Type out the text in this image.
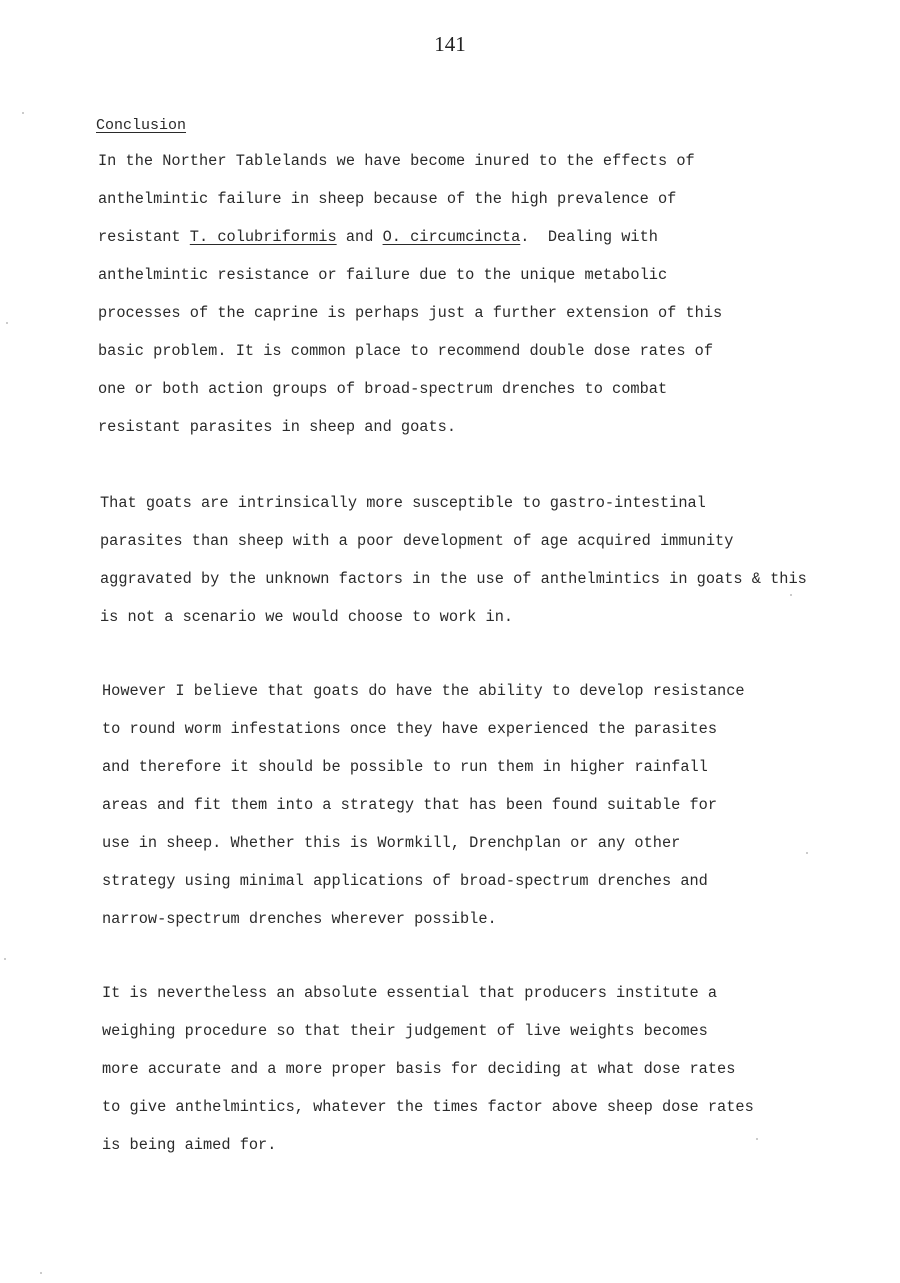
141
Conclusion
In the Norther Tablelands we have become inured to the effects of
anthelmintic failure in sheep because of the high prevalence of
resistant T. colubriformis and O. circumcincta.  Dealing with
anthelmintic resistance or failure due to the unique metabolic
processes of the caprine is perhaps just a further extension of this
basic problem. It is common place to recommend double dose rates of
one or both action groups of broad-spectrum drenches to combat
resistant parasites in sheep and goats.
That goats are intrinsically more susceptible to gastro-intestinal
parasites than sheep with a poor development of age acquired immunity
aggravated by the unknown factors in the use of anthelmintics in goats & this
is not a scenario we would choose to work in.
However I believe that goats do have the ability to develop resistance
to round worm infestations once they have experienced the parasites
and therefore it should be possible to run them in higher rainfall
areas and fit them into a strategy that has been found suitable for
use in sheep. Whether this is Wormkill, Drenchplan or any other
strategy using minimal applications of broad-spectrum drenches and
narrow-spectrum drenches wherever possible.
It is nevertheless an absolute essential that producers institute a
weighing procedure so that their judgement of live weights becomes
more accurate and a more proper basis for deciding at what dose rates
to give anthelmintics, whatever the times factor above sheep dose rates
is being aimed for.
